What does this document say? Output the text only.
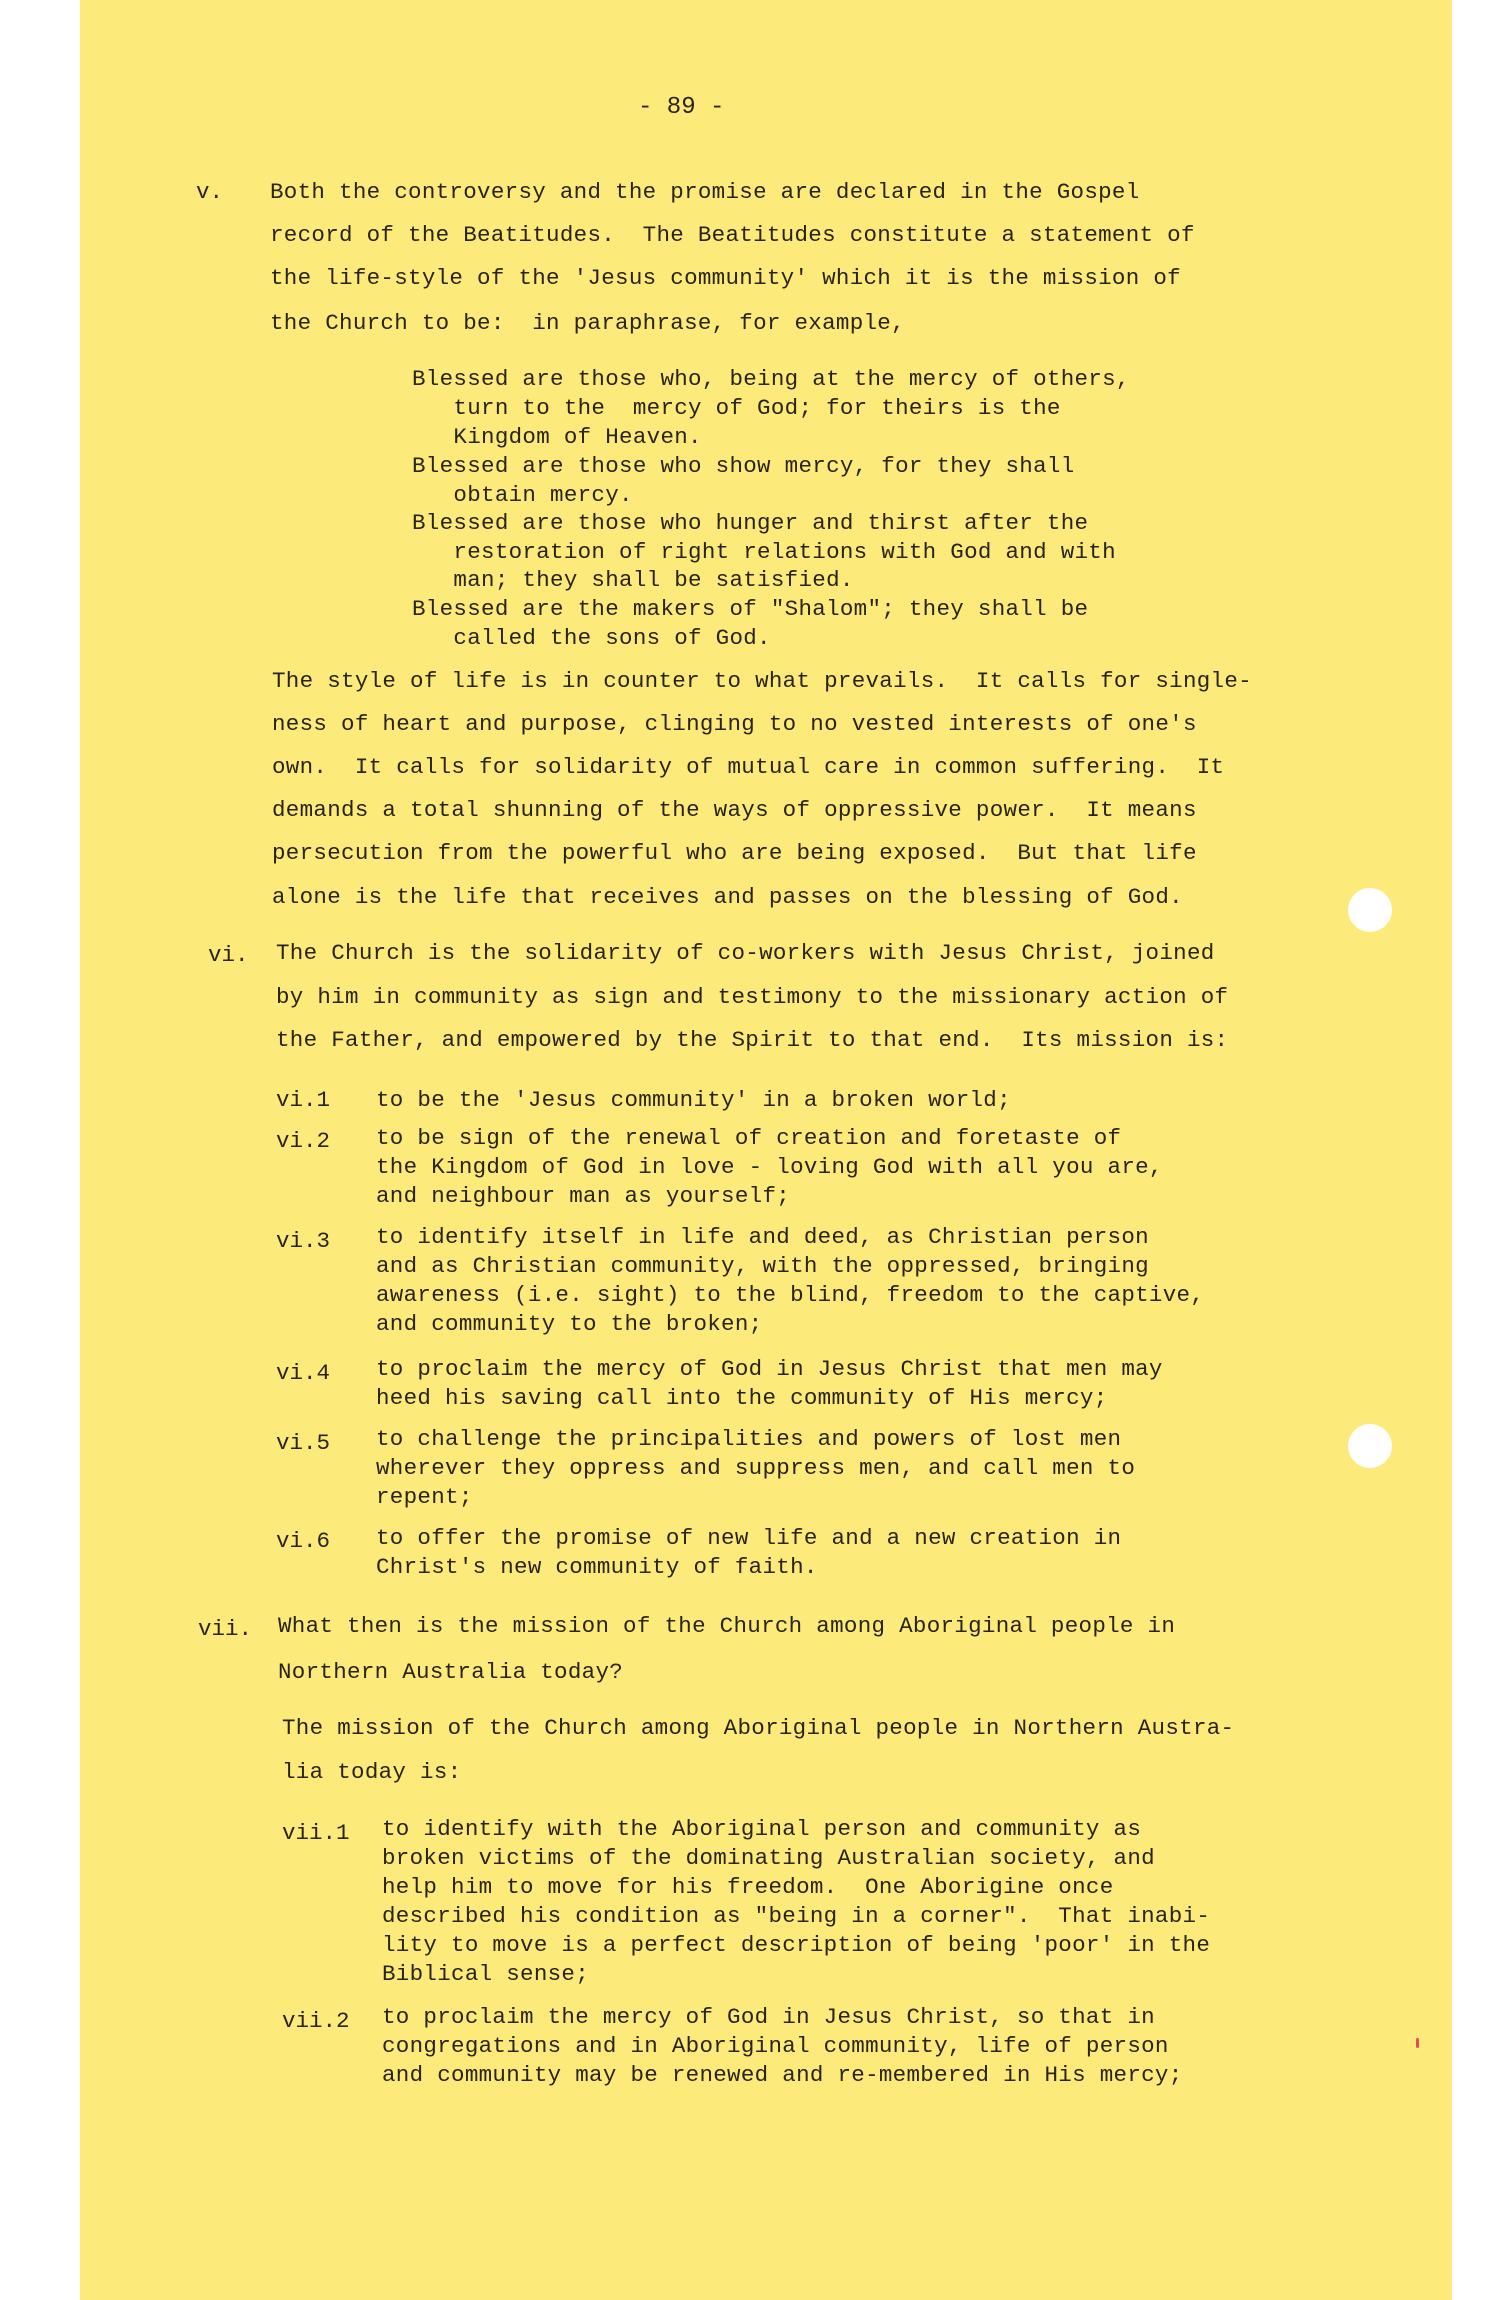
- 89 -
v. Both the controversy and the promise are declared in the Gospel
record of the Beatitudes.  The Beatitudes constitute a statement of
the life-style of the 'Jesus community' which it is the mission of
the Church to be:  in paraphrase, for example,
Blessed are those who, being at the mercy of others,
turn to the  mercy of God; for theirs is the
Kingdom of Heaven.
Blessed are those who show mercy, for they shall
obtain mercy.
Blessed are those who hunger and thirst after the
restoration of right relations with God and with
man; they shall be satisfied.
Blessed are the makers of "Shalom"; they shall be
called the sons of God.
The style of life is in counter to what prevails.  It calls for single-
ness of heart and purpose, clinging to no vested interests of one's
own.  It calls for solidarity of mutual care in common suffering.  It
demands a total shunning of the ways of oppressive power.  It means
persecution from the powerful who are being exposed.  But that life
alone is the life that receives and passes on the blessing of God.
vi. The Church is the solidarity of co-workers with Jesus Christ, joined
by him in community as sign and testimony to the missionary action of
the Father, and empowered by the Spirit to that end.  Its mission is:
vi.1 to be the 'Jesus community' in a broken world;
vi.2 to be sign of the renewal of creation and foretaste of
the Kingdom of God in love - loving God with all you are,
and neighbour man as yourself;
vi.3 to identify itself in life and deed, as Christian person
and as Christian community, with the oppressed, bringing
awareness (i.e. sight) to the blind, freedom to the captive,
and community to the broken;
vi.4 to proclaim the mercy of God in Jesus Christ that men may
heed his saving call into the community of His mercy;
vi.5 to challenge the principalities and powers of lost men
wherever they oppress and suppress men, and call men to
repent;
vi.6 to offer the promise of new life and a new creation in
Christ's new community of faith.
vii. What then is the mission of the Church among Aboriginal people in
Northern Australia today?
The mission of the Church among Aboriginal people in Northern Austra-
lia today is:
vii.1 to identify with the Aboriginal person and community as
broken victims of the dominating Australian society, and
help him to move for his freedom.  One Aborigine once
described his condition as "being in a corner".  That inabi-
lity to move is a perfect description of being 'poor' in the
Biblical sense;
vii.2 to proclaim the mercy of God in Jesus Christ, so that in
congregations and in Aboriginal community, life of person
and community may be renewed and re-membered in His mercy;
